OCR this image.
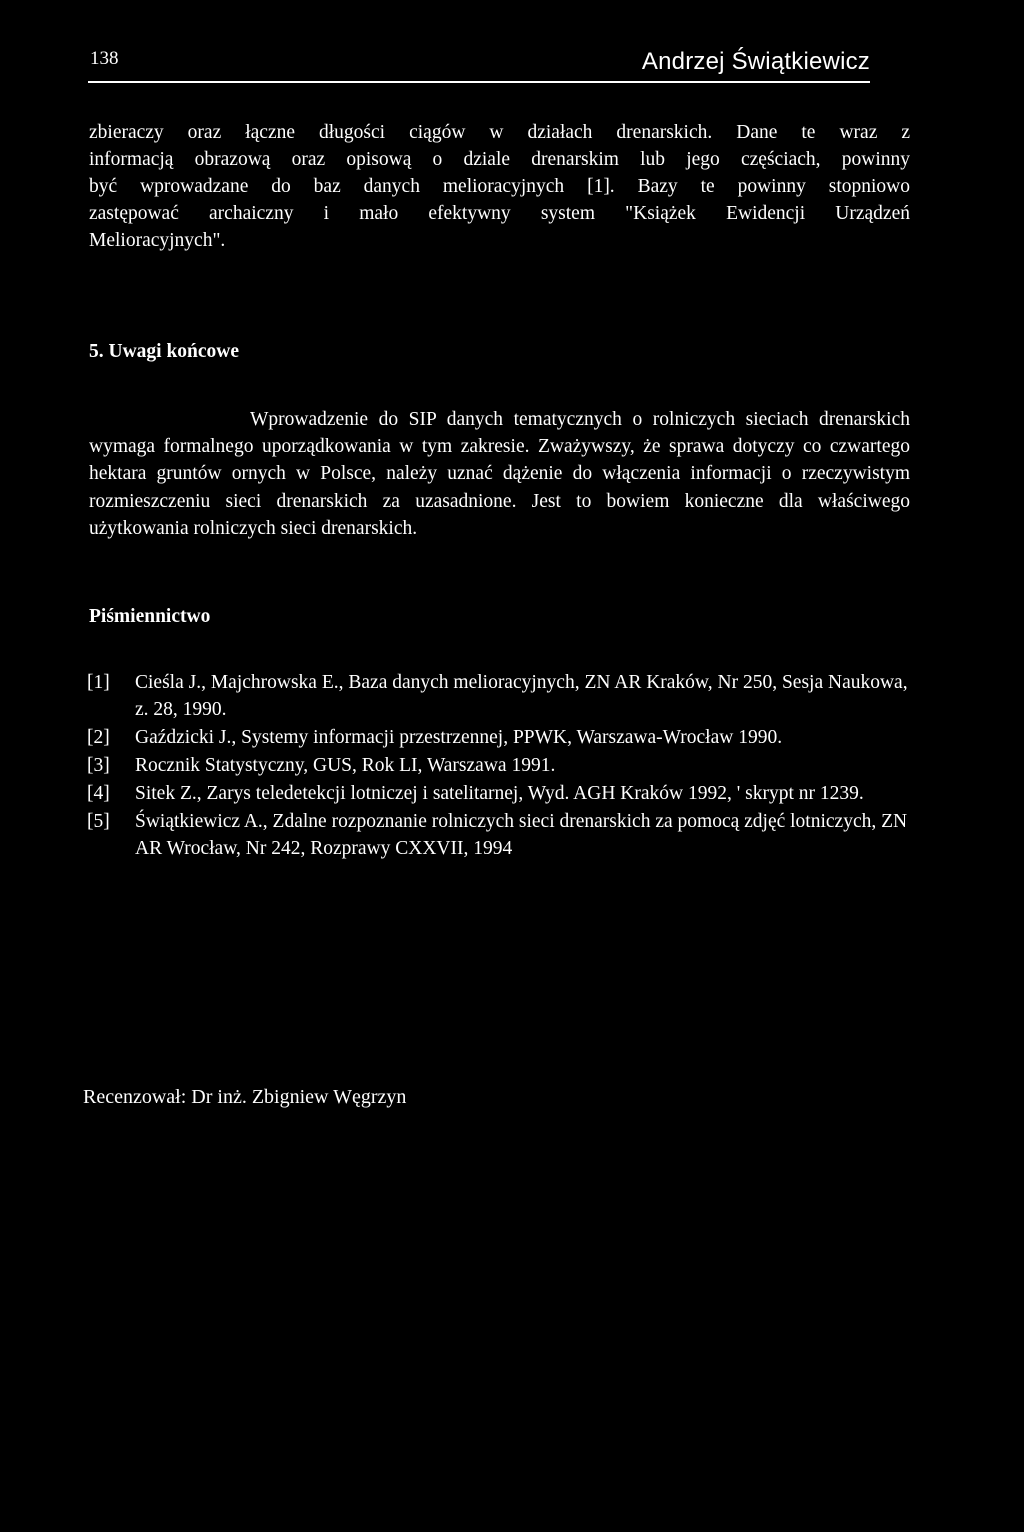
138	Andrzej Świątkiewicz
zbieraczy oraz łączne długości ciągów w działach drenarskich. Dane te wraz z
informacją obrazową oraz opisową o dziale drenarskim lub jego częściach, powinny
być wprowadzane do baz danych melioracyjnych [1]. Bazy te powinny stopniowo
zastępować archaiczny i mało efektywny system "Książek Ewidencji Urządzeń
Melioracyjnych".
5. Uwagi końcowe

Wprowadzenie do SIP danych tematycznych o rolniczych sieciach drenarskich wymaga formalnego uporządkowania w tym zakresie. Zważywszy, że sprawa dotyczy co czwartego hektara gruntów ornych w Polsce, należy uznać dążenie do włączenia informacji o rzeczywistym rozmieszczeniu sieci drenarskich za uzasadnione. Jest to bowiem konieczne dla właściwego użytkowania rolniczych sieci drenarskich.

Piśmiennictwo
[1] Cieśla J., Majchrowska E., Baza danych melioracyjnych, ZN AR Kraków, Nr 250, Sesja Naukowa, z. 28, 1990.
[2] Gaździcki J., Systemy informacji przestrzennej, PPWK, Warszawa-Wrocław 1990.
[3] Rocznik Statystyczny, GUS, Rok LI, Warszawa 1991.
[4] Sitek Z., Zarys teledetekcji lotniczej i satelitarnej, Wyd. AGH Kraków 1992, ' skrypt nr 1239.
[5] Świątkiewicz A., Zdalne rozpoznanie rolniczych sieci drenarskich za pomocą zdjęć lotniczych, ZN AR Wrocław, Nr 242, Rozprawy CXXVII, 1994

Recenzował: Dr inż. Zbigniew Węgrzyn
